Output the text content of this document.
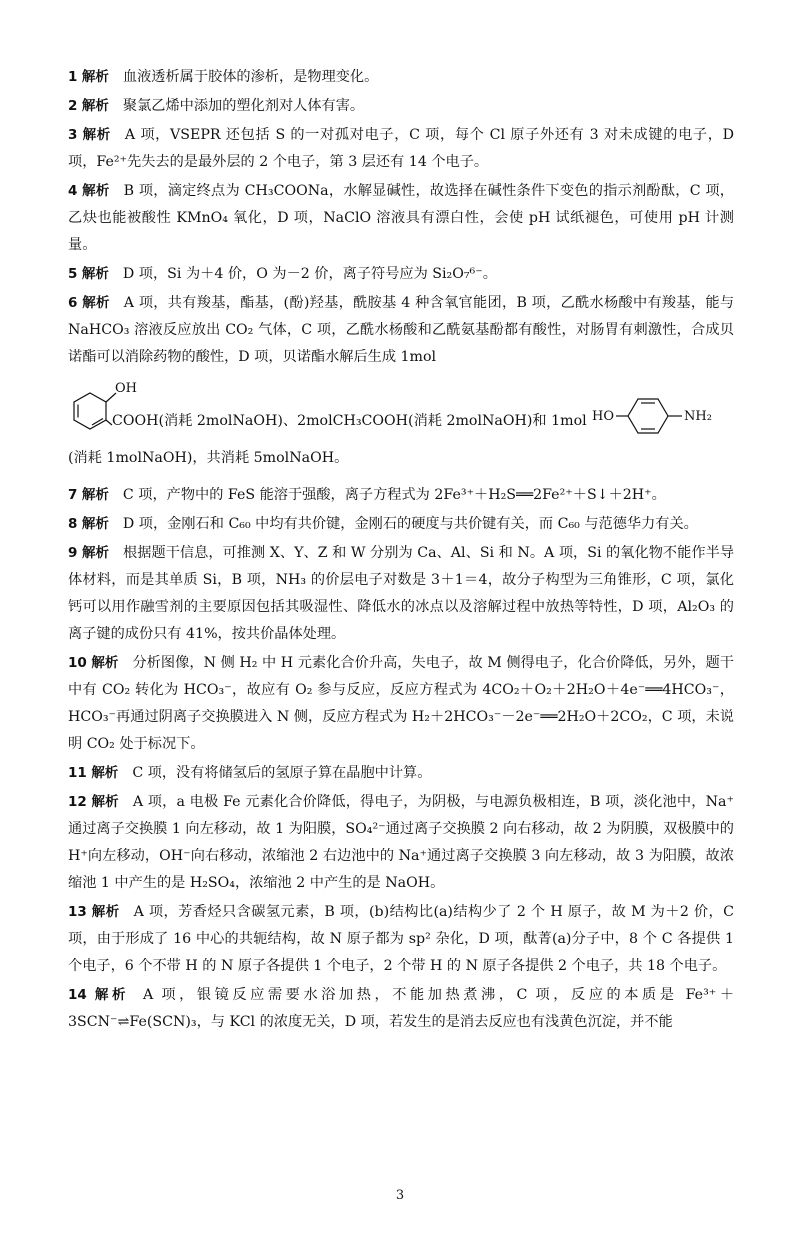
1 解析 血液透析属于胶体的渗析，是物理变化。
2 解析 聚氯乙烯中添加的塑化剂对人体有害。
3 解析 A 项，VSEPR 还包括 S 的一对孤对电子，C 项，每个 Cl 原子外还有 3 对未成键的电子，D 项，Fe²⁺先失去的是最外层的 2 个电子，第 3 层还有 14 个电子。
4 解析 B 项，滴定终点为 CH₃COONa，水解显碱性，故选择在碱性条件下变色的指示剂酚酞，C 项，乙炔也能被酸性 KMnO₄ 氧化，D 项，NaClO 溶液具有漂白性，会使 pH 试纸褪色，可使用 pH 计测量。
5 解析 D 项，Si 为＋4 价，O 为－2 价，离子符号应为 Si₂O₇⁶⁻。
6 解析 A 项，共有羧基，酯基，(酚)羟基，酰胺基 4 种含氧官能团，B 项，乙酰水杨酸中有羧基，能与 NaHCO₃ 溶液反应放出 CO₂ 气体，C 项，乙酰水杨酸和乙酰氨基酚都有酸性，对肠胃有刺激性，合成贝诺酯可以消除药物的酸性，D 项，贝诺酯水解后生成 1mol
OH
COOH(消耗 2molNaOH)、2molCH₃COOH(消耗 2molNaOH)和 1mol HO	NH₂
(消耗 1molNaOH)，共消耗 5molNaOH。
7 解析 C 项，产物中的 FeS 能溶于强酸，离子方程式为 2Fe³⁺＋H₂S══2Fe²⁺＋S↓＋2H⁺。
8 解析 D 项，金刚石和 C₆₀ 中均有共价键，金刚石的硬度与共价键有关，而 C₆₀ 与范德华力有关。
9 解析 根据题干信息，可推测 X、Y、Z 和 W 分别为 Ca、Al、Si 和 N。A 项，Si 的氧化物不能作半导体材料，而是其单质 Si，B 项，NH₃ 的价层电子对数是 3＋1＝4，故分子构型为三角锥形，C 项，氯化钙可以用作融雪剂的主要原因包括其吸湿性、降低水的冰点以及溶解过程中放热等特性，D 项，Al₂O₃ 的离子键的成份只有 41%，按共价晶体处理。
10 解析 分析图像，N 侧 H₂ 中 H 元素化合价升高，失电子，故 M 侧得电子，化合价降低，另外，题干中有 CO₂ 转化为 HCO₃⁻，故应有 O₂ 参与反应，反应方程式为 4CO₂＋O₂＋2H₂O＋4e⁻══4HCO₃⁻，HCO₃⁻再通过阴离子交换膜进入 N 侧，反应方程式为 H₂＋2HCO₃⁻－2e⁻══2H₂O＋2CO₂，C 项，未说明 CO₂ 处于标况下。
11 解析 C 项，没有将储氢后的氢原子算在晶胞中计算。
12 解析 A 项，a 电极 Fe 元素化合价降低，得电子，为阴极，与电源负极相连，B 项，淡化池中，Na⁺通过离子交换膜 1 向左移动，故 1 为阳膜，SO₄²⁻通过离子交换膜 2 向右移动，故 2 为阴膜，双极膜中的 H⁺向左移动，OH⁻向右移动，浓缩池 2 右边池中的 Na⁺通过离子交换膜 3 向左移动，故 3 为阳膜，故浓缩池 1 中产生的是 H₂SO₄，浓缩池 2 中产生的是 NaOH。
13 解析 A 项，芳香烃只含碳氢元素，B 项，(b)结构比(a)结构少了 2 个 H 原子，故 M 为＋2 价，C 项，由于形成了 16 中心的共轭结构，故 N 原子都为 sp² 杂化，D 项，酞菁(a)分子中，8 个 C 各提供 1 个电子，6 个不带 H 的 N 原子各提供 1 个电子，2 个带 H 的 N 原子各提供 2 个电子，共 18 个电子。
14 解析 A 项，银镜反应需要水浴加热，不能加热煮沸，C 项，反应的本质是 Fe³⁺＋3SCN⁻⇌Fe(SCN)₃，与 KCl 的浓度无关，D 项，若发生的是消去反应也有浅黄色沉淀，并不能
3
